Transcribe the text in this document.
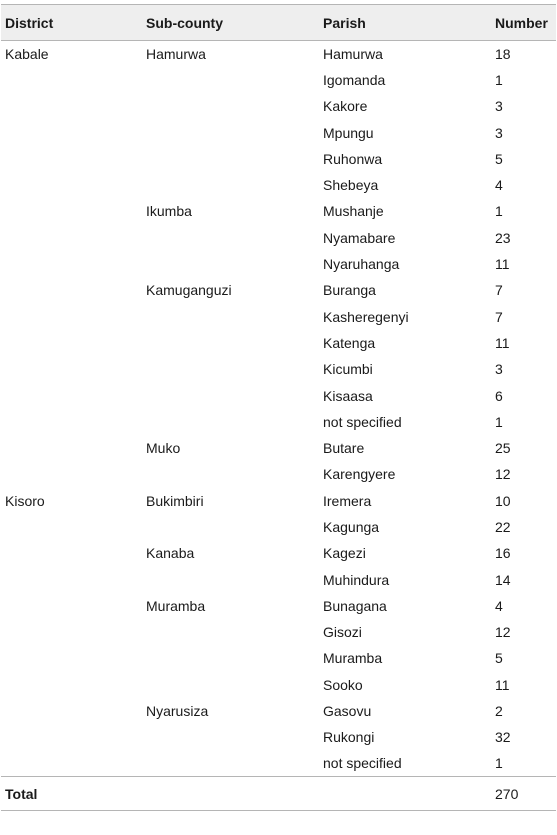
District	Sub-county	Parish	Number
Kabale	Hamurwa	Hamurwa	18
		Igomanda	1
		Kakore	3
		Mpungu	3
		Ruhonwa	5
		Shebeya	4
	Ikumba	Mushanje	1
		Nyamabare	23
		Nyaruhanga	11
	Kamuganguzi	Buranga	7
		Kasheregenyi	7
		Katenga	11
		Kicumbi	3
		Kisaasa	6
		not specified	1
	Muko	Butare	25
		Karengyere	12
Kisoro	Bukimbiri	Iremera	10
		Kagunga	22
	Kanaba	Kagezi	16
		Muhindura	14
	Muramba	Bunagana	4
		Gisozi	12
		Muramba	5
		Sooko	11
	Nyarusiza	Gasovu	2
		Rukongi	32
		not specified	1
Total			270
